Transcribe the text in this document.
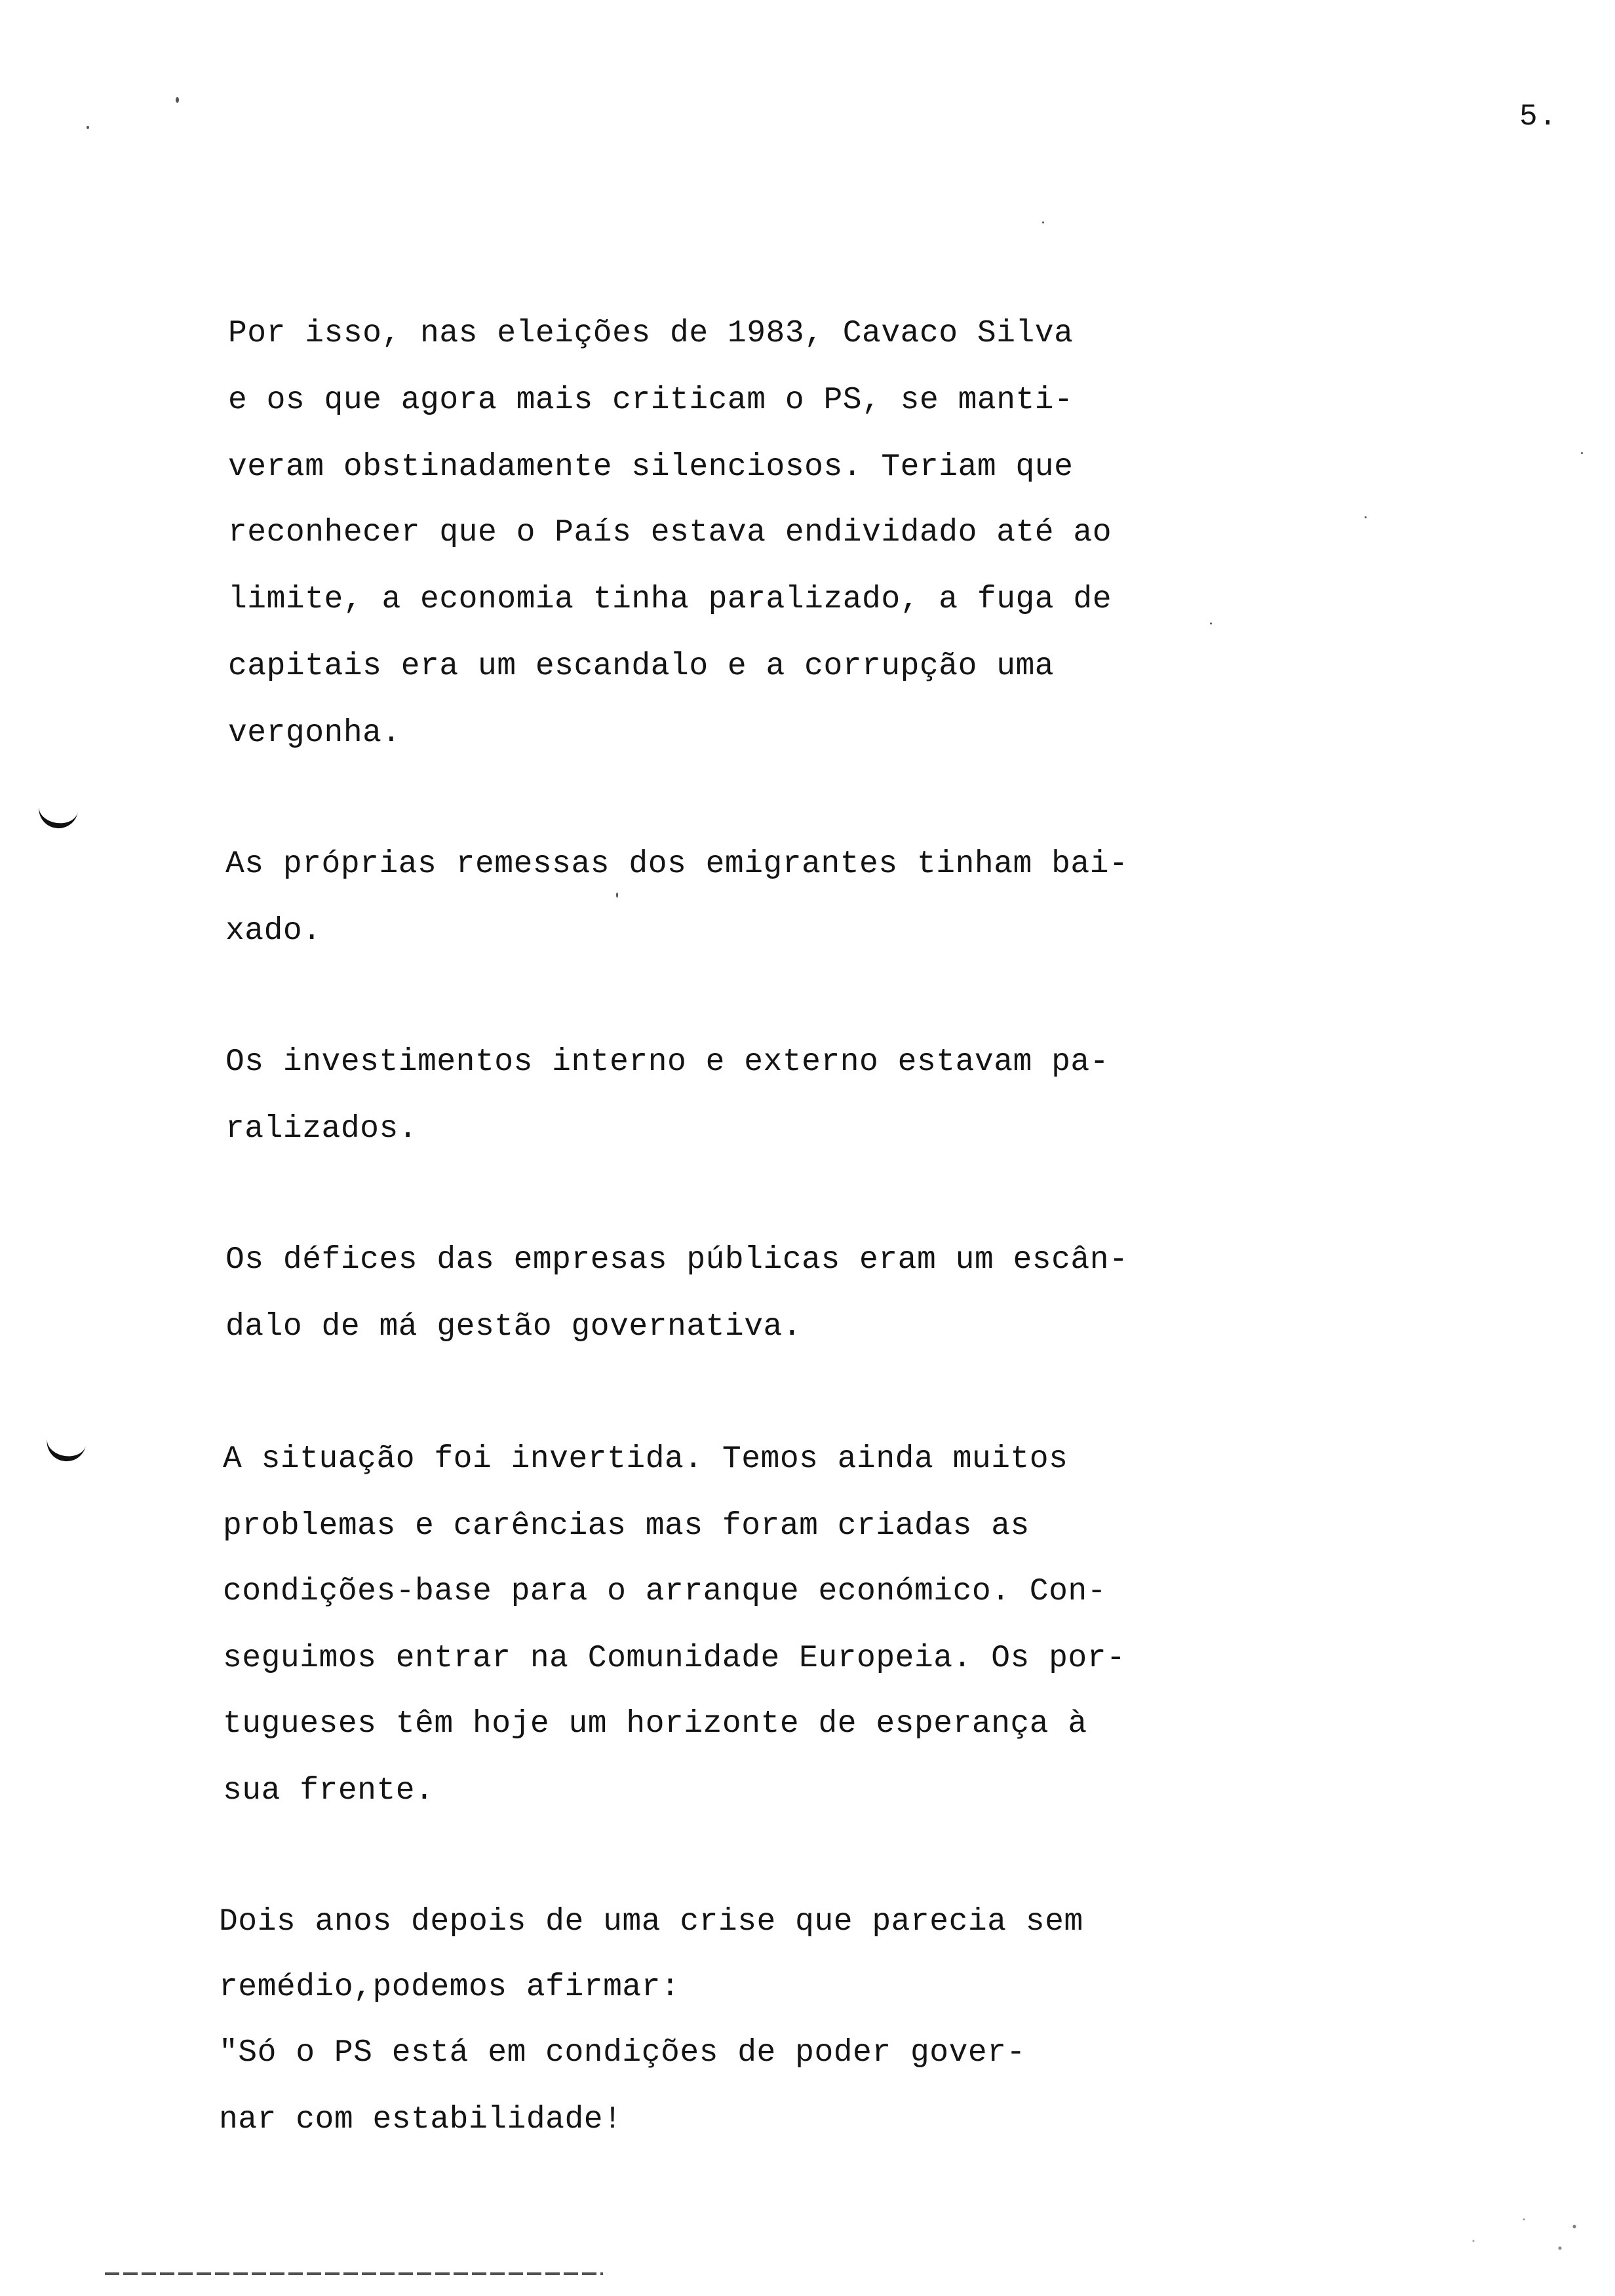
5.
Por isso, nas eleições de 1983, Cavaco Silva
e os que agora mais criticam o PS, se manti-
veram obstinadamente silenciosos. Teriam que
reconhecer que o País estava endividado até ao
limite, a economia tinha paralizado, a fuga de
capitais era um escandalo e a corrupção uma
vergonha.
As próprias remessas dos emigrantes tinham bai-
xado.
Os investimentos interno e externo estavam pa-
ralizados.
Os défices das empresas públicas eram um escân-
dalo de má gestão governativa.
A situação foi invertida. Temos ainda muitos
problemas e carências mas foram criadas as
condições-base para o arranque económico. Con-
seguimos entrar na Comunidade Europeia. Os por-
tugueses têm hoje um horizonte de esperança à
sua frente.
Dois anos depois de uma crise que parecia sem
remédio,podemos afirmar:
"Só o PS está em condições de poder gover-
nar com estabilidade!
